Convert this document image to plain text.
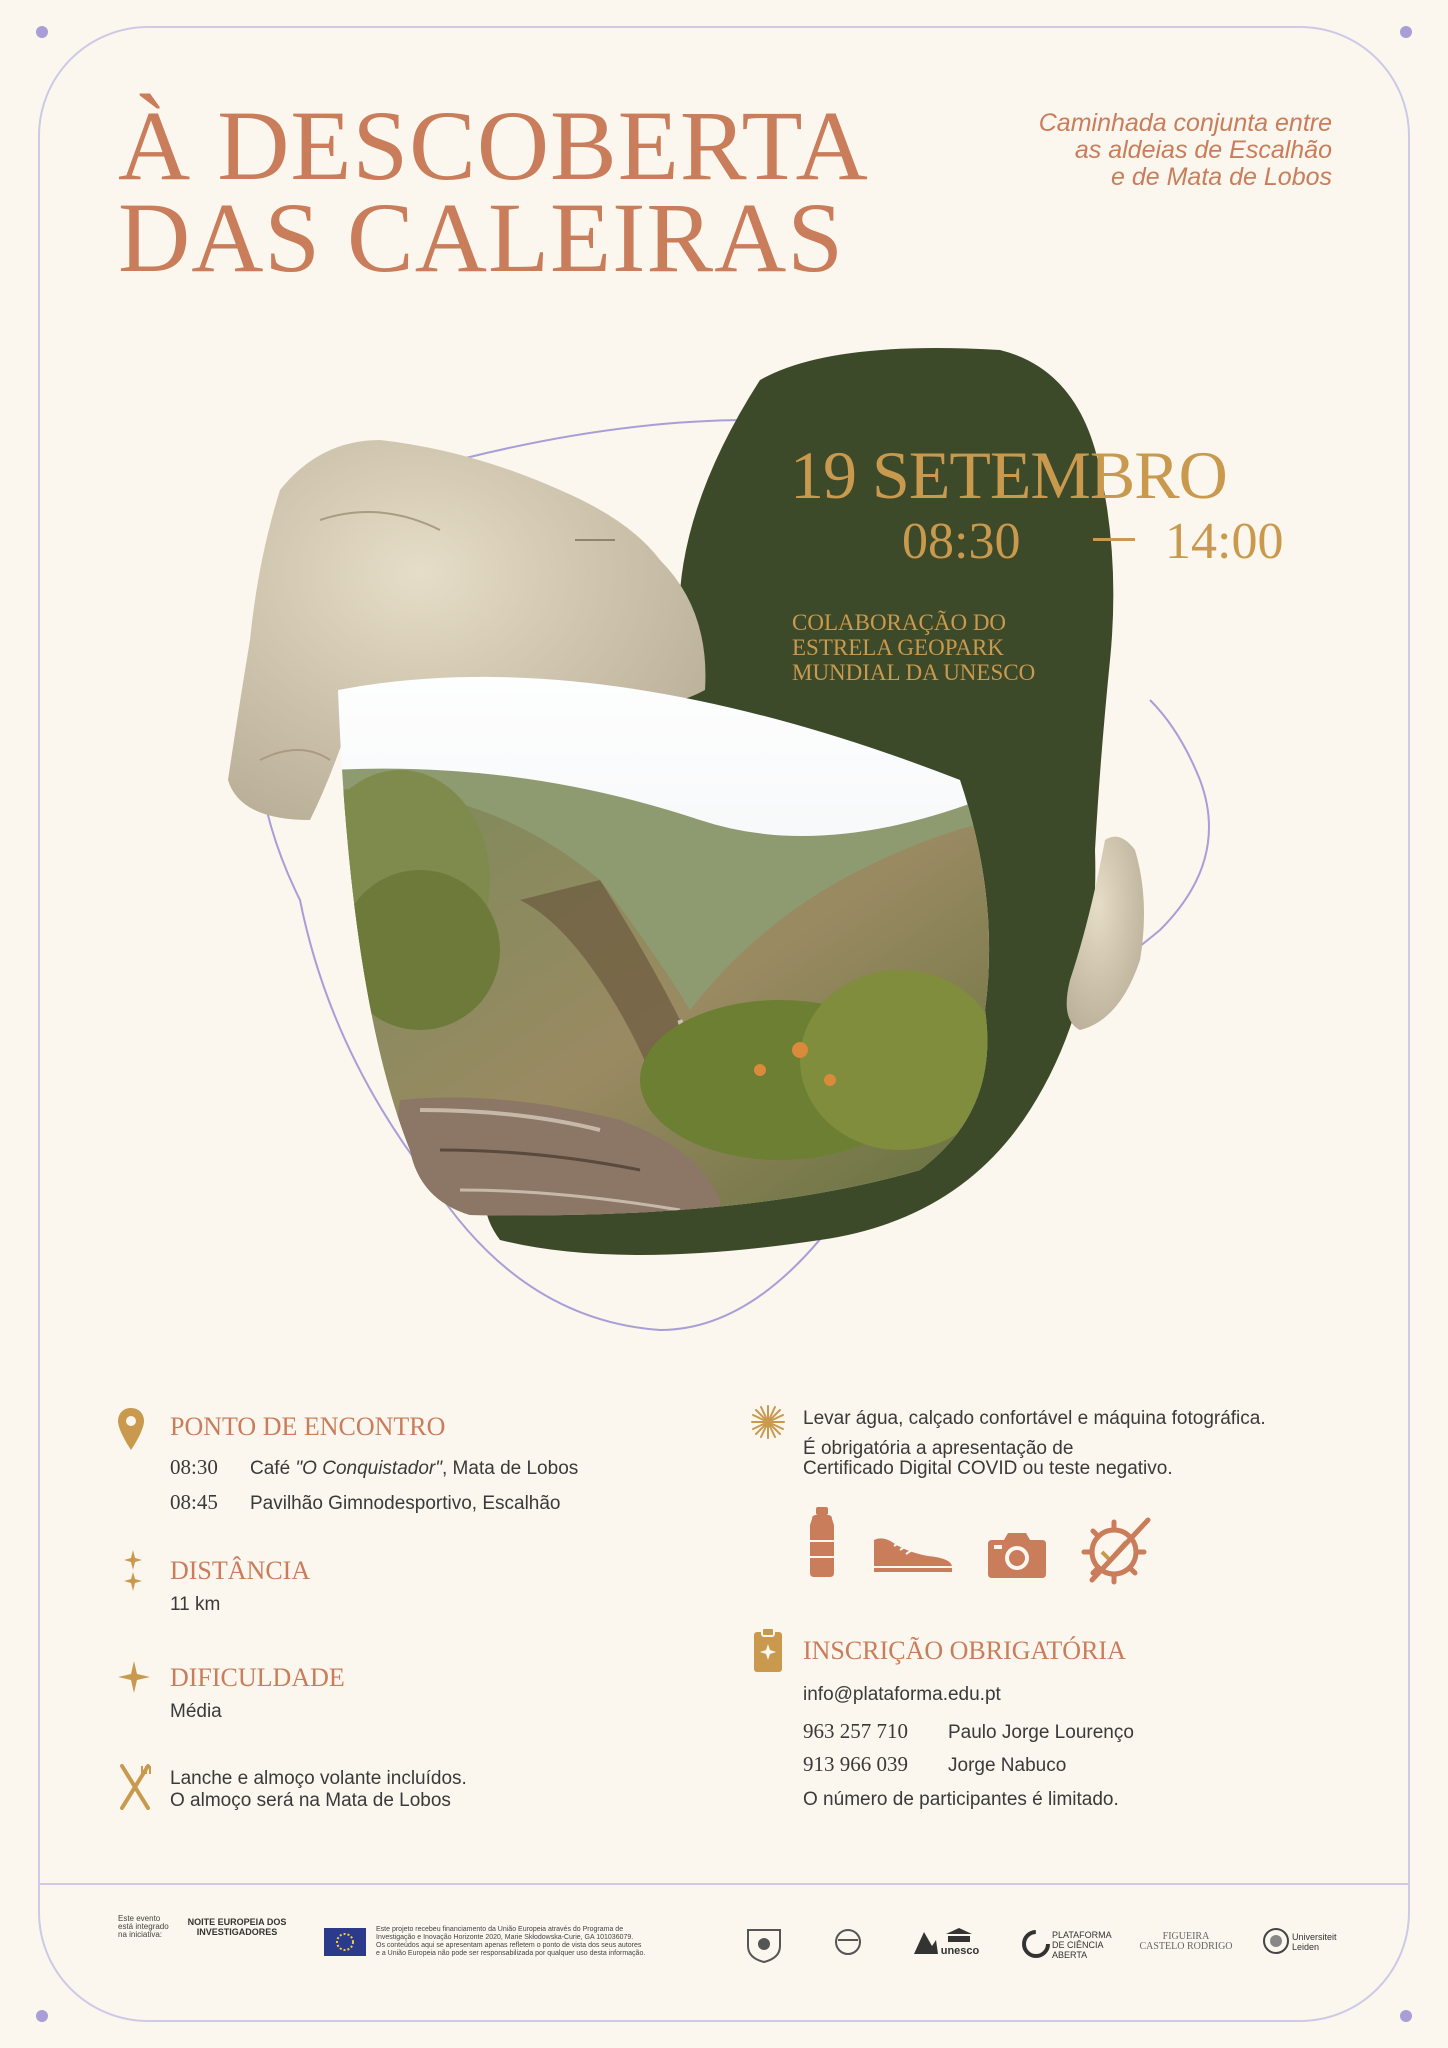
À DESCOBERTA
DAS CALEIRAS
Caminhada conjunta entre
as aldeias de Escalhão
e de Mata de Lobos
19 SETEMBRO
08:30	14:00
COLABORAÇÃO DO
ESTRELA GEOPARK
MUNDIAL DA UNESCO
PONTO DE ENCONTRO
08:30 Café "O Conquistador", Mata de Lobos
08:45 Pavilhão Gimnodesportivo, Escalhão
DISTÂNCIA
11 km
DIFICULDADE
Média
Lanche e almoço volante incluídos.
O almoço será na Mata de Lobos
Levar água, calçado confortável e máquina fotográfica.
É obrigatória a apresentação de
Certificado Digital COVID ou teste negativo.
INSCRIÇÃO OBRIGATÓRIA
info@plataforma.edu.pt
963 257 710 Paulo Jorge Lourenço
913 966 039 Jorge Nabuco
O número de participantes é limitado.
Este evento
está integrado
na iniciativa:
NOITE EUROPEIA DOS
INVESTIGADORES	Este projeto recebeu financiamento da União Europeia através do Programa de
Investigação e Inovação Horizonte 2020, Marie Skłodowska-Curie, GA 101036079.
Os conteúdos aqui se apresentam apenas refletem o ponto de vista dos seus autores
e a União Europeia não pode ser responsabilizada por qualquer uso desta informação.	unesco
PLATAFORMA
DE CIÊNCIA
ABERTA
FIGUEIRA
CASTELO RODRIGO
Universiteit
Leiden
